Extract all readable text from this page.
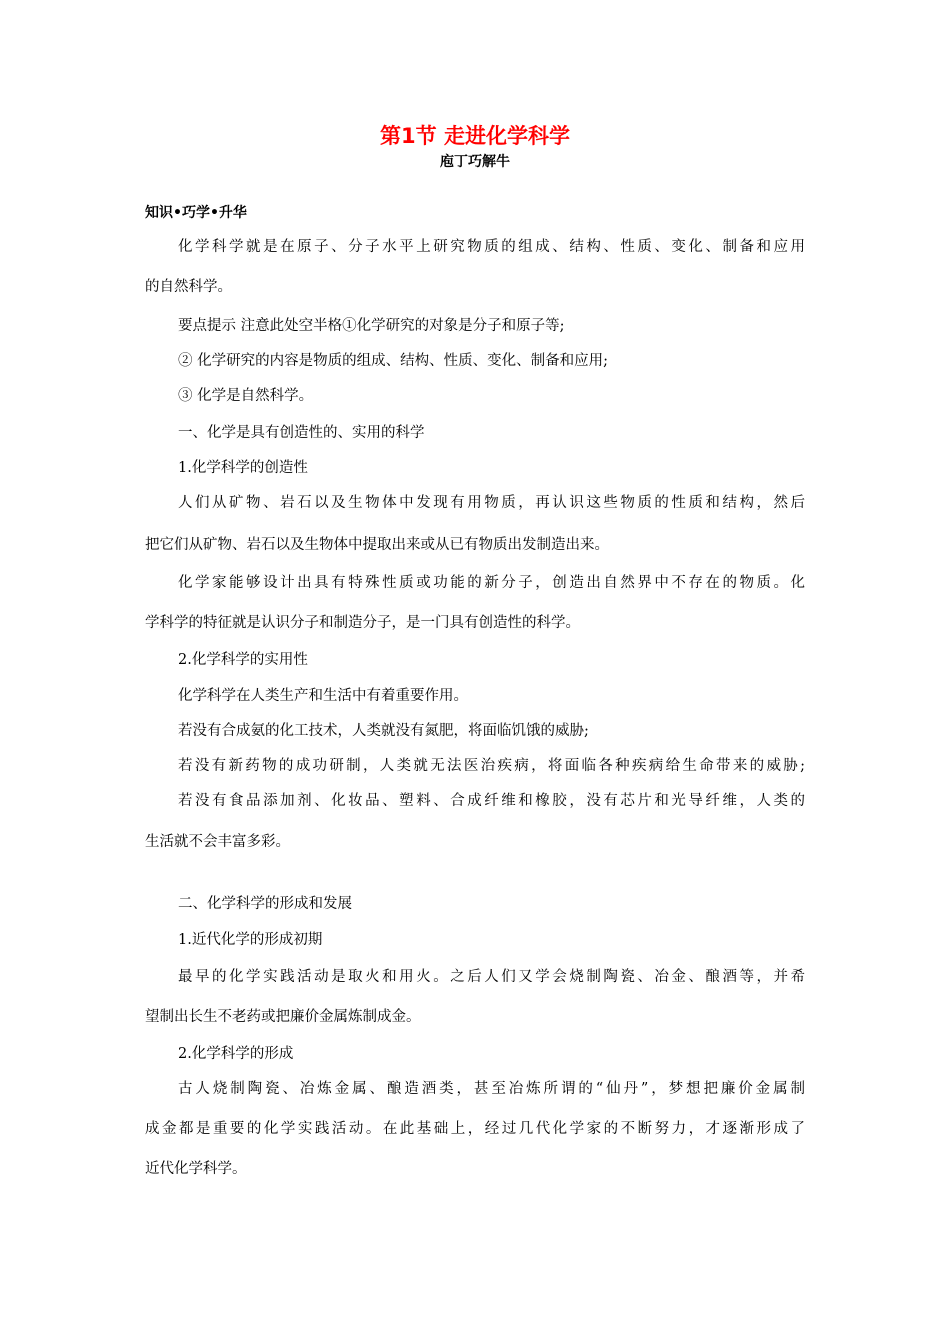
第1节 走进化学科学
庖丁巧解牛
知识•巧学•升华
化学科学就是在原子、分子水平上研究物质的组成、结构、性质、变化、制备和应用
的自然科学。
要点提示 注意此处空半格①化学研究的对象是分子和原子等;
② 化学研究的内容是物质的组成、结构、性质、变化、制备和应用;
③ 化学是自然科学。
一、化学是具有创造性的、实用的科学
1.化学科学的创造性
人们从矿物、岩石以及生物体中发现有用物质，再认识这些物质的性质和结构，然后
把它们从矿物、岩石以及生物体中提取出来或从已有物质出发制造出来。
化学家能够设计出具有特殊性质或功能的新分子，创造出自然界中不存在的物质。化
学科学的特征就是认识分子和制造分子，是一门具有创造性的科学。
2.化学科学的实用性
化学科学在人类生产和生活中有着重要作用。
若没有合成氨的化工技术，人类就没有氮肥，将面临饥饿的威胁;
若没有新药物的成功研制，人类就无法医治疾病，将面临各种疾病给生命带来的威胁;
若没有食品添加剂、化妆品、塑料、合成纤维和橡胶，没有芯片和光导纤维，人类的
生活就不会丰富多彩。
二、化学科学的形成和发展
1.近代化学的形成初期
最早的化学实践活动是取火和用火。之后人们又学会烧制陶瓷、冶金、酿酒等，并希
望制出长生不老药或把廉价金属炼制成金。
2.化学科学的形成
古人烧制陶瓷、冶炼金属、酿造酒类，甚至冶炼所谓的“仙丹”，梦想把廉价金属制
成金都是重要的化学实践活动。在此基础上，经过几代化学家的不断努力，才逐渐形成了
近代化学科学。
